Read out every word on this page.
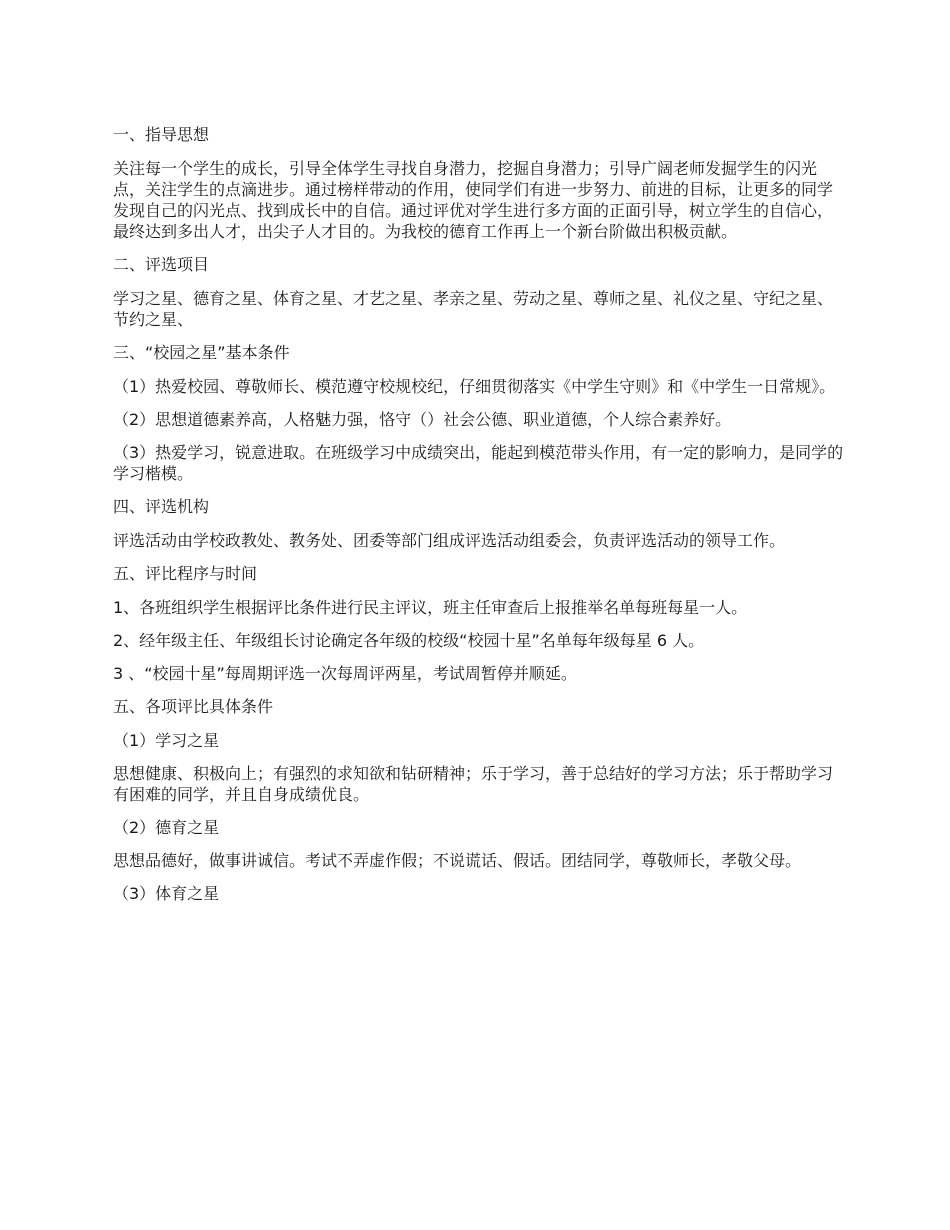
一、指导思想

关注每一个学生的成长，引导全体学生寻找自身潜力，挖掘自身潜力；引导广阔老师发掘学生的闪光点，关注学生的点滴进步。通过榜样带动的作用，使同学们有进一步努力、前进的目标，让更多的同学发现自己的闪光点、找到成长中的自信。通过评优对学生进行多方面的正面引导，树立学生的自信心，最终达到多出人才，出尖子人才目的。为我校的德育工作再上一个新台阶做出积极贡献。

二、评选项目

学习之星、德育之星、体育之星、才艺之星、孝亲之星、劳动之星、尊师之星、礼仪之星、守纪之星、节约之星、

三、“校园之星”基本条件

（1）热爱校园、尊敬师长、模范遵守校规校纪，仔细贯彻落实《中学生守则》和《中学生一日常规》。

（2）思想道德素养高，人格魅力强，恪守（）社会公德、职业道德，个人综合素养好。

（3）热爱学习，锐意进取。在班级学习中成绩突出，能起到模范带头作用，有一定的影响力，是同学的学习楷模。

四、评选机构

评选活动由学校政教处、教务处、团委等部门组成评选活动组委会，负责评选活动的领导工作。

五、评比程序与时间

1、各班组织学生根据评比条件进行民主评议，班主任审查后上报推举名单每班每星一人。

2、经年级主任、年级组长讨论确定各年级的校级“校园十星”名单每年级每星 6 人。

3 、“校园十星”每周期评选一次每周评两星，考试周暂停并顺延。

五、各项评比具体条件

（1）学习之星

思想健康、积极向上；有强烈的求知欲和钻研精神；乐于学习，善于总结好的学习方法；乐于帮助学习有困难的同学，并且自身成绩优良。

（2）德育之星

思想品德好，做事讲诚信。考试不弄虚作假；不说谎话、假话。团结同学，尊敬师长，孝敬父母。

（3）体育之星
